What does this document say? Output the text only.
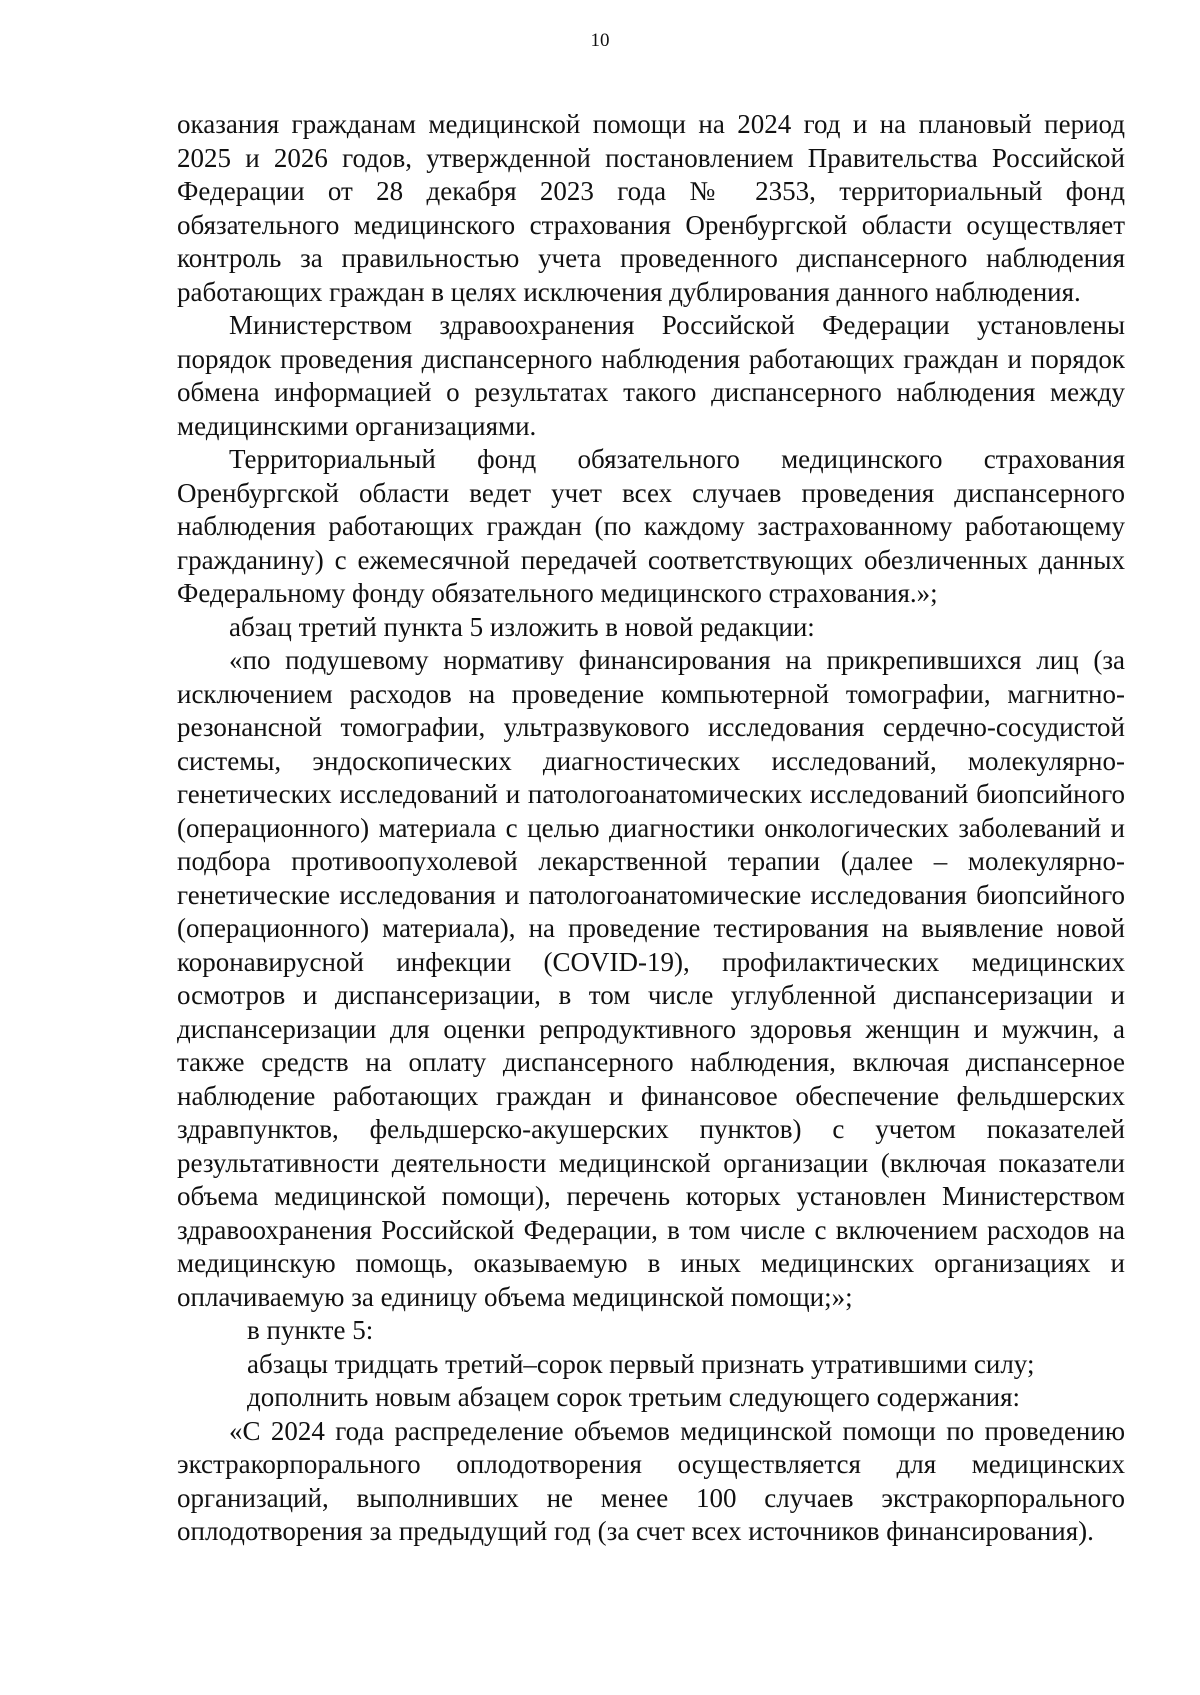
10

оказания гражданам медицинской помощи на 2024 год и на плановый период 2025 и 2026 годов, утвержденной постановлением Правительства Российской Федерации от 28 декабря 2023 года № 2353, территориальный фонд обязательного медицинского страхования Оренбургской области осуществляет контроль за правильностью учета проведенного диспансерного наблюдения работающих граждан в целях исключения дублирования данного наблюдения.

Министерством здравоохранения Российской Федерации установлены порядок проведения диспансерного наблюдения работающих граждан и порядок обмена информацией о результатах такого диспансерного наблюдения между медицинскими организациями.

Территориальный фонд обязательного медицинского страхования Оренбургской области ведет учет всех случаев проведения диспансерного наблюдения работающих граждан (по каждому застрахованному работающему гражданину) с ежемесячной передачей соответствующих обезличенных данных Федеральному фонду обязательного медицинского страхования.»;

абзац третий пункта 5 изложить в новой редакции:

«по подушевому нормативу финансирования на прикрепившихся лиц (за исключением расходов на проведение компьютерной томографии, магнитно-резонансной томографии, ультразвукового исследования сердечно-сосудистой системы, эндоскопических диагностических исследований, молекулярно-генетических исследований и патологоанатомических исследований биопсийного (операционного) материала с целью диагностики онкологических заболеваний и подбора противоопухолевой лекарственной терапии (далее – молекулярно-генетические исследования и патологоанатомические исследования биопсийного (операционного) материала), на проведение тестирования на выявление новой коронавирусной инфекции (COVID-19), профилактических медицинских осмотров и диспансеризации, в том числе углубленной диспансеризации и диспансеризации для оценки репродуктивного здоровья женщин и мужчин, а также средств на оплату диспансерного наблюдения, включая диспансерное наблюдение работающих граждан и финансовое обеспечение фельдшерских здравпунктов, фельдшерско-акушерских пунктов) с учетом показателей результативности деятельности медицинской организации (включая показатели объема медицинской помощи), перечень которых установлен Министерством здравоохранения Российской Федерации, в том числе с включением расходов на медицинскую помощь, оказываемую в иных медицинских организациях и оплачиваемую за единицу объема медицинской помощи;»;

в пункте 5:

абзацы тридцать третий–сорок первый признать утратившими силу;

дополнить новым абзацем сорок третьим следующего содержания:

«С 2024 года распределение объемов медицинской помощи по проведению экстракорпорального оплодотворения осуществляется для медицинских организаций, выполнивших не менее 100 случаев экстракорпорального оплодотворения за предыдущий год (за счет всех источников финансирования).
